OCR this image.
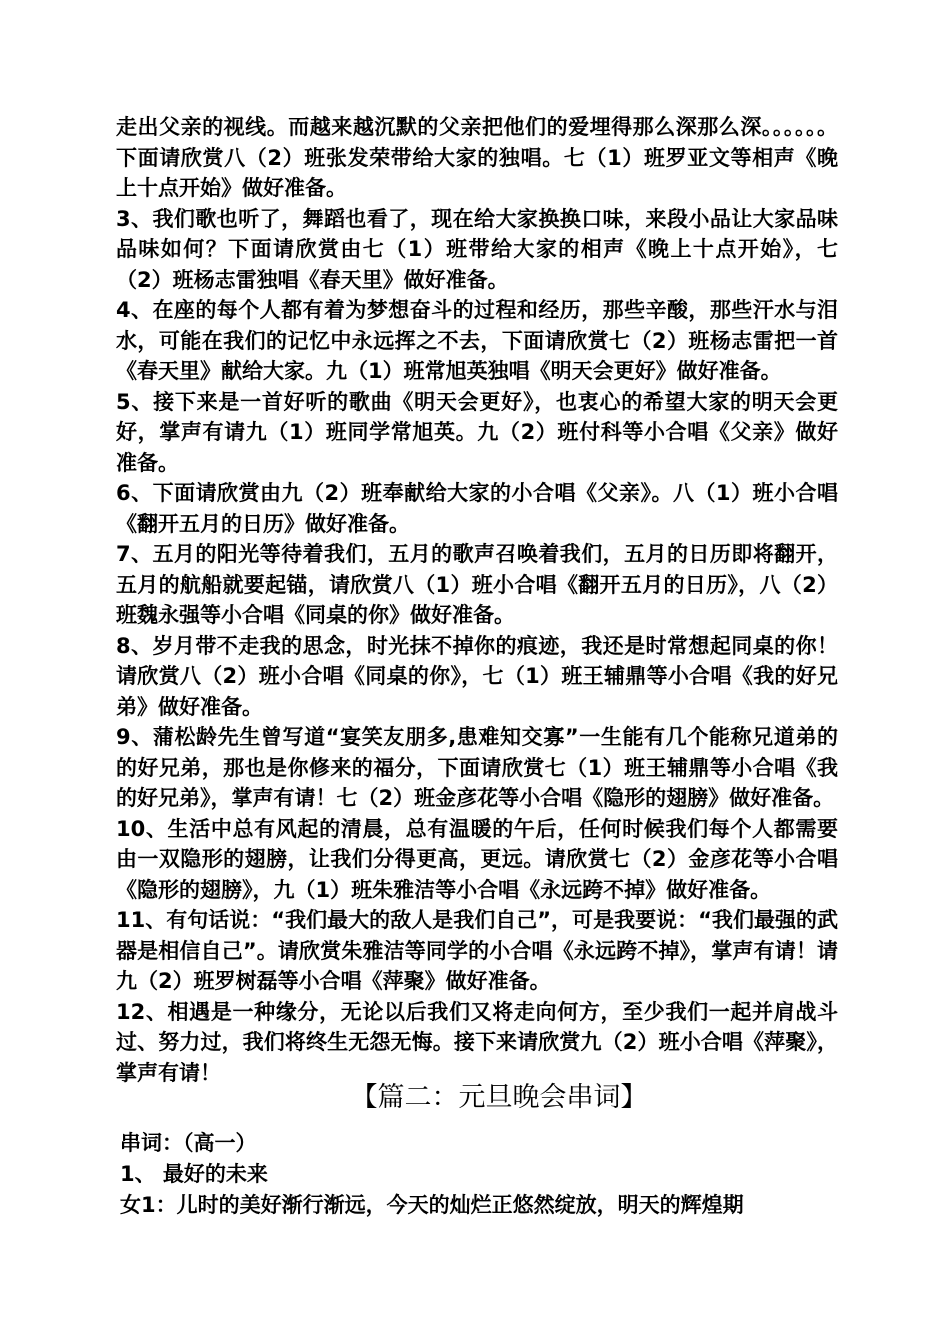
走出父亲的视线。而越来越沉默的父亲把他们的爱埋得那么深那么深。。。。。。下面请欣赏八（2）班张发荣带给大家的独唱。七（1）班罗亚文等相声《晚上十点开始》做好准备。

3、我们歌也听了，舞蹈也看了，现在给大家换换口味，来段小品让大家品味品味如何？下面请欣赏由七（1）班带给大家的相声《晚上十点开始》，七（2）班杨志雷独唱《春天里》做好准备。

4、在座的每个人都有着为梦想奋斗的过程和经历，那些辛酸，那些汗水与泪水，可能在我们的记忆中永远挥之不去，下面请欣赏七（2）班杨志雷把一首《春天里》献给大家。九（1）班常旭英独唱《明天会更好》做好准备。

5、接下来是一首好听的歌曲《明天会更好》，也衷心的希望大家的明天会更好，掌声有请九（1）班同学常旭英。九（2）班付科等小合唱《父亲》做好准备。

6、下面请欣赏由九（2）班奉献给大家的小合唱《父亲》。八（1）班小合唱《翻开五月的日历》做好准备。

7、五月的阳光等待着我们，五月的歌声召唤着我们，五月的日历即将翻开，五月的航船就要起锚，请欣赏八（1）班小合唱《翻开五月的日历》，八（2）班魏永强等小合唱《同桌的你》做好准备。

8、岁月带不走我的思念，时光抹不掉你的痕迹，我还是时常想起同桌的你！请欣赏八（2）班小合唱《同桌的你》，七（1）班王辅鼎等小合唱《我的好兄弟》做好准备。

9、蒲松龄先生曾写道“宴笑友朋多,患难知交寡”一生能有几个能称兄道弟的的好兄弟，那也是你修来的福分，下面请欣赏七（1）班王辅鼎等小合唱《我的好兄弟》，掌声有请！七（2）班金彦花等小合唱《隐形的翅膀》做好准备。

10、生活中总有风起的清晨，总有温暖的午后，任何时候我们每个人都需要由一双隐形的翅膀，让我们分得更高，更远。请欣赏七（2）金彦花等小合唱《隐形的翅膀》，九（1）班朱雅洁等小合唱《永远跨不掉》做好准备。

11、有句话说：“我们最大的敌人是我们自己”，可是我要说：“我们最强的武器是相信自己”。请欣赏朱雅洁等同学的小合唱《永远跨不掉》，掌声有请！请九（2）班罗树磊等小合唱《萍聚》做好准备。

12、相遇是一种缘分，无论以后我们又将走向何方，至少我们一起并肩战斗过、努力过，我们将终生无怨无悔。接下来请欣赏九（2）班小合唱《萍聚》，掌声有请！

【篇二：元旦晚会串词】

串词：（高一）

1、 最好的未来

女1：儿时的美好渐行渐远，今天的灿烂正悠然绽放，明天的辉煌期
